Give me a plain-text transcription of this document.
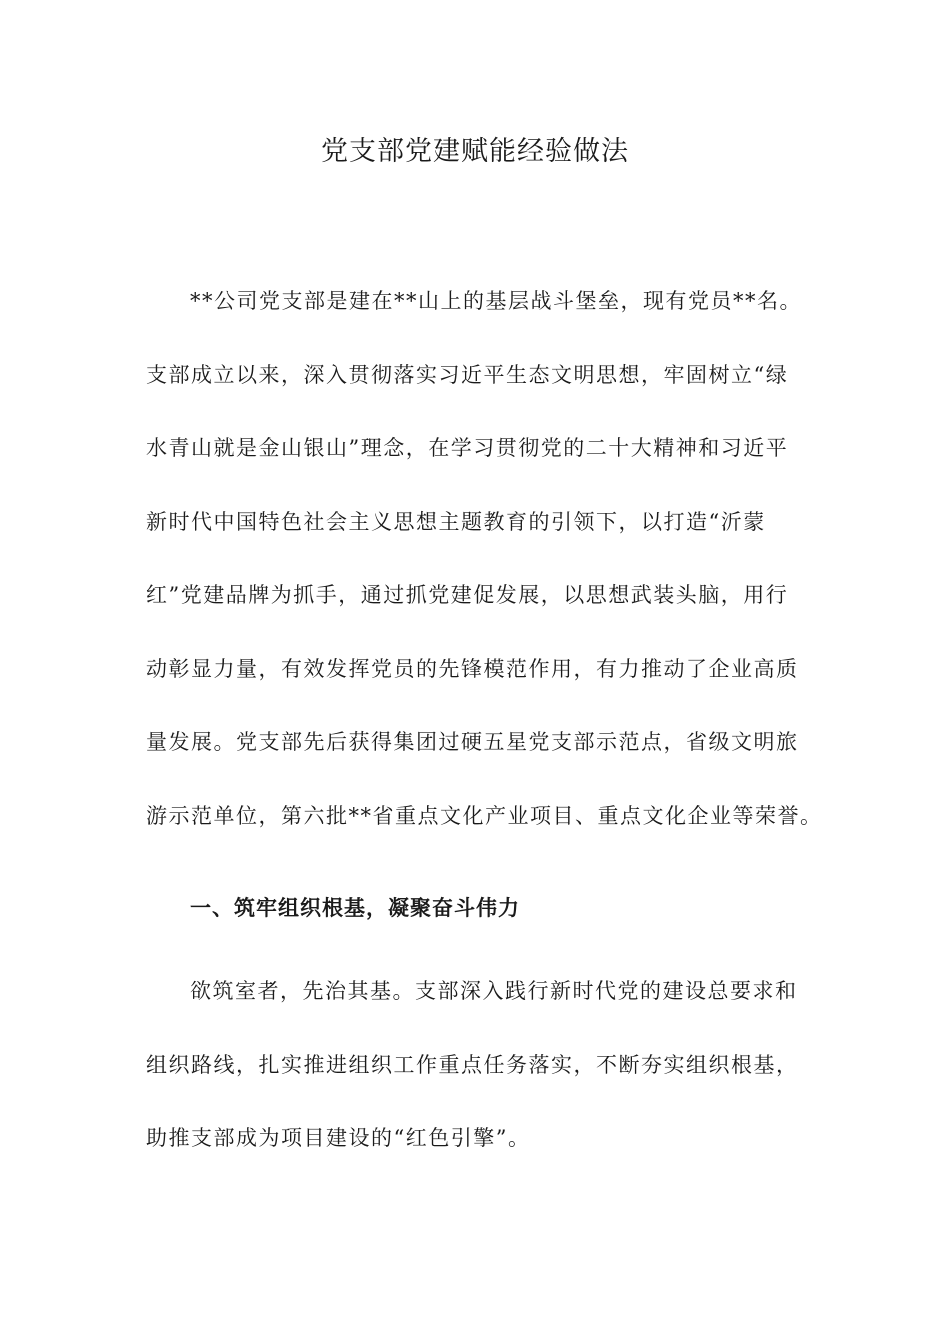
党支部党建赋能经验做法
**公司党支部是建在**山上的基层战斗堡垒，现有党员**名。
支部成立以来，深入贯彻落实习近平生态文明思想，牢固树立“绿
水青山就是金山银山”理念，在学习贯彻党的二十大精神和习近平
新时代中国特色社会主义思想主题教育的引领下，以打造“沂蒙
红”党建品牌为抓手，通过抓党建促发展，以思想武装头脑，用行
动彰显力量，有效发挥党员的先锋模范作用，有力推动了企业高质
量发展。党支部先后获得集团过硬五星党支部示范点，省级文明旅
游示范单位，第六批**省重点文化产业项目、重点文化企业等荣誉。
一、筑牢组织根基，凝聚奋斗伟力
欲筑室者，先治其基。支部深入践行新时代党的建设总要求和
组织路线，扎实推进组织工作重点任务落实，不断夯实组织根基，
助推支部成为项目建设的“红色引擎”。
